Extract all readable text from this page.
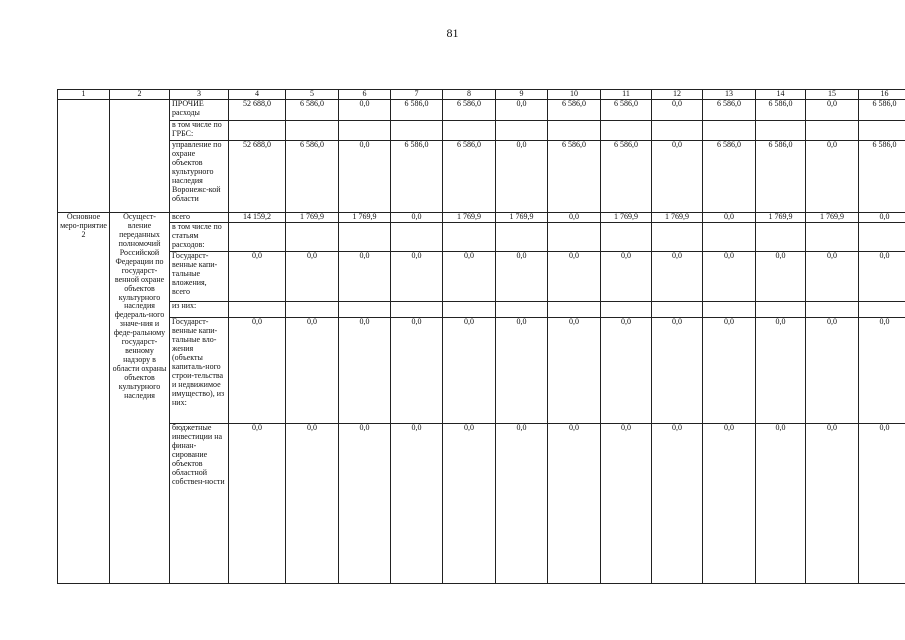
81
1	2	3	4	5	6	7	8	9	10	11	12	13	14	15	16
		ПРОЧИЕ расходы	52 688,0	6 586,0	0,0	6 586,0	6 586,0	0,0	6 586,0	6 586,0	0,0	6 586,0	6 586,0	0,0	6 586,0
		в том числе по ГРБС:													
		управление по охране объектов культурного наследия Воронежс-кой области	52 688,0	6 586,0	0,0	6 586,0	6 586,0	0,0	6 586,0	6 586,0	0,0	6 586,0	6 586,0	0,0	6 586,0
Основное меро-приятие 2	Осущест-вление переданных полномочий Российской Федерации по государст-венной охране объектов культурного наследия федераль-ного значе-ния и феде-ральному государст-венному надзору в области охраны объектов культурного наследия	всего	14 159,2	1 769,9	1 769,9	0,0	1 769,9	1 769,9	0,0	1 769,9	1 769,9	0,0	1 769,9	1 769,9	0,0
		в том числе по статьям расходов:													
		Государст-венные капи-тальные вложения, всего	0,0	0,0	0,0	0,0	0,0	0,0	0,0	0,0	0,0	0,0	0,0	0,0	0,0
		из них:													
		Государст-венные капи-тальные вло-жения (объекты капиталь-ного строи-тельства и недвижимое имущество), из них:	0,0	0,0	0,0	0,0	0,0	0,0	0,0	0,0	0,0	0,0	0,0	0,0	0,0
		бюджетные инвестиции на финан-сирование объектов областной собствен-ности	0,0	0,0	0,0	0,0	0,0	0,0	0,0	0,0	0,0	0,0	0,0	0,0	0,0
